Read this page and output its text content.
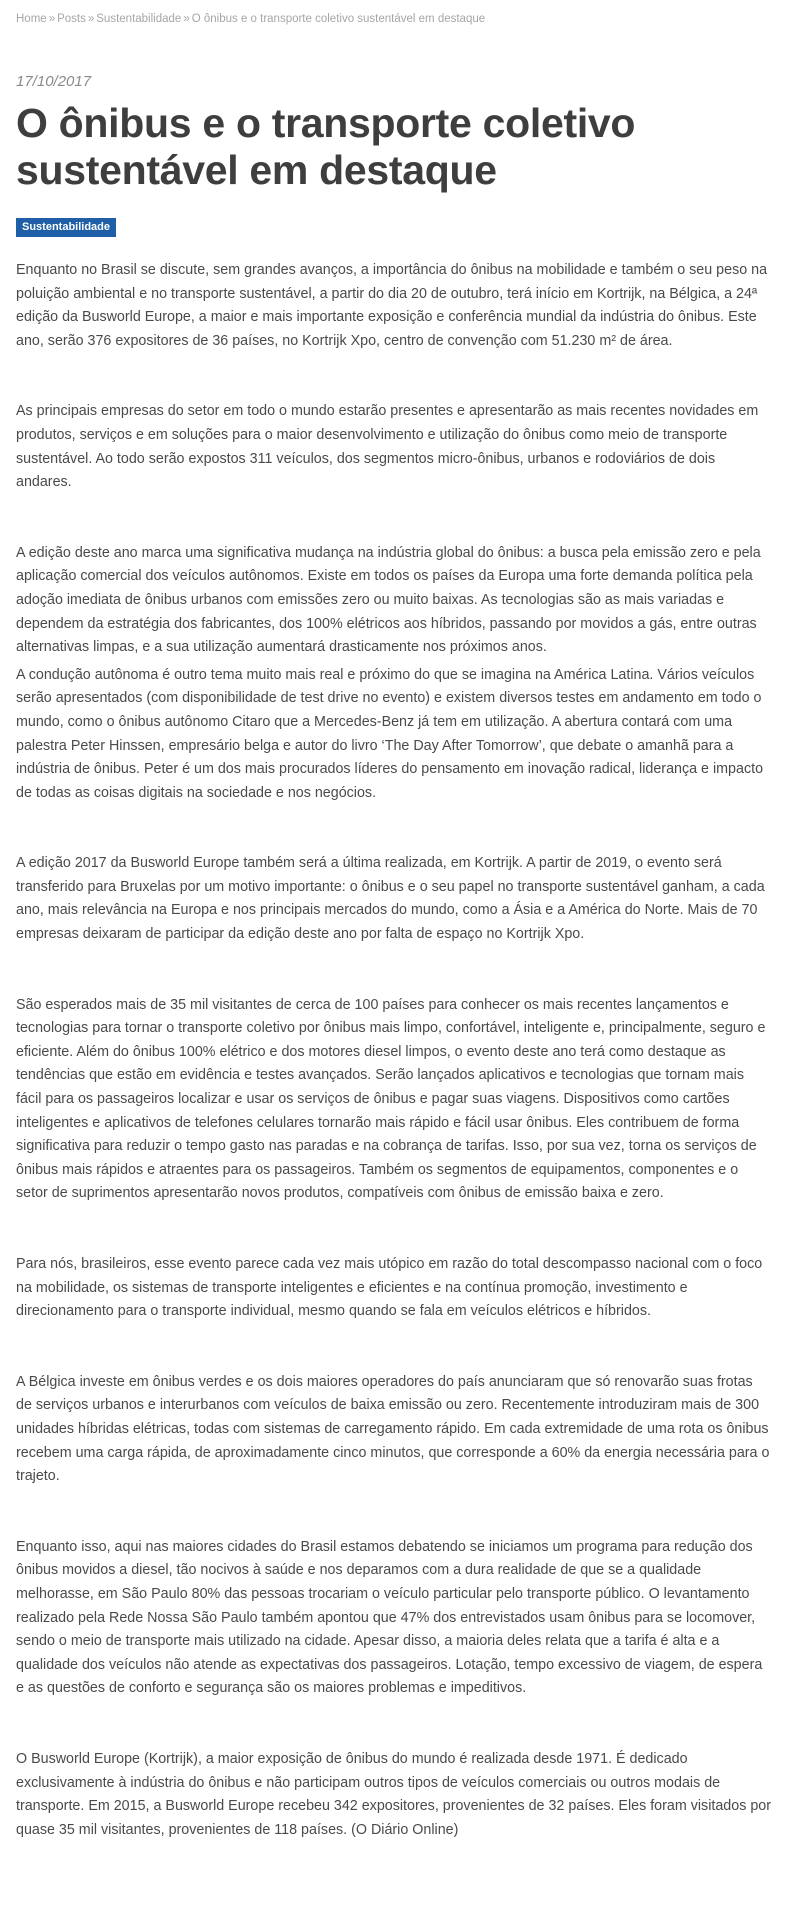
Home » Posts » Sustentabilidade » O ônibus e o transporte coletivo sustentável em destaque
17/10/2017
O ônibus e o transporte coletivo sustentável em destaque
Sustentabilidade

Enquanto no Brasil se discute, sem grandes avanços, a importância do ônibus na mobilidade e também o seu peso na poluição ambiental e no transporte sustentável, a partir do dia 20 de outubro, terá início em Kortrijk, na Bélgica, a 24ª edição da Busworld Europe, a maior e mais importante exposição e conferência mundial da indústria do ônibus. Este ano, serão 376 expositores de 36 países, no Kortrijk Xpo, centro de convenção com 51.230 m² de área.

As principais empresas do setor em todo o mundo estarão presentes e apresentarão as mais recentes novidades em produtos, serviços e em soluções para o maior desenvolvimento e utilização do ônibus como meio de transporte sustentável. Ao todo serão expostos 311 veículos, dos segmentos micro-ônibus, urbanos e rodoviários de dois andares.

A edição deste ano marca uma significativa mudança na indústria global do ônibus: a busca pela emissão zero e pela aplicação comercial dos veículos autônomos. Existe em todos os países da Europa uma forte demanda política pela adoção imediata de ônibus urbanos com emissões zero ou muito baixas. As tecnologias são as mais variadas e dependem da estratégia dos fabricantes, dos 100% elétricos aos híbridos, passando por movidos a gás, entre outras alternativas limpas, e a sua utilização aumentará drasticamente nos próximos anos.

A condução autônoma é outro tema muito mais real e próximo do que se imagina na América Latina. Vários veículos serão apresentados (com disponibilidade de test drive no evento) e existem diversos testes em andamento em todo o mundo, como o ônibus autônomo Citaro que a Mercedes-Benz já tem em utilização. A abertura contará com uma palestra Peter Hinssen, empresário belga e autor do livro ‘The Day After Tomorrow’, que debate o amanhã para a indústria de ônibus. Peter é um dos mais procurados líderes do pensamento em inovação radical, liderança e impacto de todas as coisas digitais na sociedade e nos negócios.

A edição 2017 da Busworld Europe também será a última realizada, em Kortrijk. A partir de 2019, o evento será transferido para Bruxelas por um motivo importante: o ônibus e o seu papel no transporte sustentável ganham, a cada ano, mais relevância na Europa e nos principais mercados do mundo, como a Ásia e a América do Norte. Mais de 70 empresas deixaram de participar da edição deste ano por falta de espaço no Kortrijk Xpo.

São esperados mais de 35 mil visitantes de cerca de 100 países para conhecer os mais recentes lançamentos e tecnologias para tornar o transporte coletivo por ônibus mais limpo, confortável, inteligente e, principalmente, seguro e eficiente. Além do ônibus 100% elétrico e dos motores diesel limpos, o evento deste ano terá como destaque as tendências que estão em evidência e testes avançados. Serão lançados aplicativos e tecnologias que tornam mais fácil para os passageiros localizar e usar os serviços de ônibus e pagar suas viagens. Dispositivos como cartões inteligentes e aplicativos de telefones celulares tornarão mais rápido e fácil usar ônibus. Eles contribuem de forma significativa para reduzir o tempo gasto nas paradas e na cobrança de tarifas. Isso, por sua vez, torna os serviços de ônibus mais rápidos e atraentes para os passageiros. Também os segmentos de equipamentos, componentes e o setor de suprimentos apresentarão novos produtos, compatíveis com ônibus de emissão baixa e zero.

Para nós, brasileiros, esse evento parece cada vez mais utópico em razão do total descompasso nacional com o foco na mobilidade, os sistemas de transporte inteligentes e eficientes e na contínua promoção, investimento e direcionamento para o transporte individual, mesmo quando se fala em veículos elétricos e híbridos.

A Bélgica investe em ônibus verdes e os dois maiores operadores do país anunciaram que só renovarão suas frotas de serviços urbanos e interurbanos com veículos de baixa emissão ou zero. Recentemente introduziram mais de 300 unidades híbridas elétricas, todas com sistemas de carregamento rápido. Em cada extremidade de uma rota os ônibus recebem uma carga rápida, de aproximadamente cinco minutos, que corresponde a 60% da energia necessária para o trajeto.

Enquanto isso, aqui nas maiores cidades do Brasil estamos debatendo se iniciamos um programa para redução dos ônibus movidos a diesel, tão nocivos à saúde e nos deparamos com a dura realidade de que se a qualidade melhorasse, em São Paulo 80% das pessoas trocariam o veículo particular pelo transporte público. O levantamento realizado pela Rede Nossa São Paulo também apontou que 47% dos entrevistados usam ônibus para se locomover, sendo o meio de transporte mais utilizado na cidade. Apesar disso, a maioria deles relata que a tarifa é alta e a qualidade dos veículos não atende as expectativas dos passageiros. Lotação, tempo excessivo de viagem, de espera e as questões de conforto e segurança são os maiores problemas e impeditivos.

O Busworld Europe (Kortrijk), a maior exposição de ônibus do mundo é realizada desde 1971. É dedicado exclusivamente à indústria do ônibus e não participam outros tipos de veículos comerciais ou outros modais de transporte. Em 2015, a Busworld Europe recebeu 342 expositores, provenientes de 32 países. Eles foram visitados por quase 35 mil visitantes, provenientes de 118 países. (O Diário Online)
